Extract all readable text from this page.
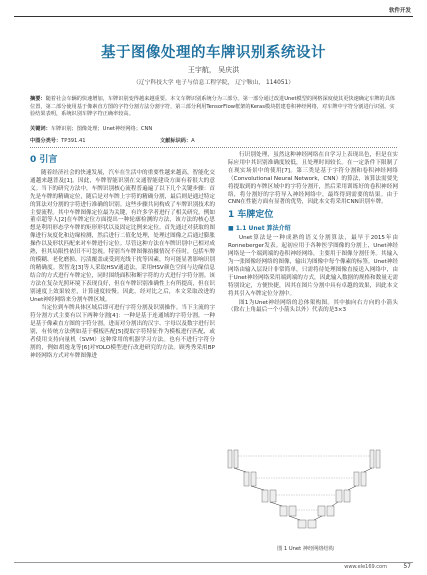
软件开发
基于图像处理的车牌识别系统设计
王宇航， 吴庆洪
（辽宁科技大学 电子与信息工程学院， 辽宁鞍山， 114051）
摘要：随着社会车辆的快速增加，车牌识别变得越来越重要。本文车牌识别系统分为三部分。第一部分通过改进Unet模型的网格深度使其更快速确定车牌的具体位置，第二部分使用基于像素直方图的字符分割方法分割字符，第三部分利用TensorFlow框架的Keras模块搭建卷积神经网络，对车牌中字符分割进行识别。实验结果表明，系统识别车牌字符正确率较高。
关键词：车牌识别；图像处理；Unet神经网络；CNN
中图分类号：TP391.41	文献标识码：A
0 引言

随着经济社会的快速发展，汽车在生活中的重要性越来越高，智能化交通越来越普及[1]。因此，车牌智能识别在交通智能建设方面有着很大的意义。当下的研究方法中，车牌识别核心流程普遍遍了以下几个关键步骤：首先是车牌的精确定位，随后是对车牌上字符的精确分割，最后则是通过特定的算法对分割的字符进行准确的识别。这些步骤共同构成了车牌识别技术的主要流程。其中车牌图像定位最为关键，有许多学者进行了相关研究。例如董卓超等人[2]在车牌定位方面提出一种轮廓检测的方法，该方法的核心思想是利用形态学车牌的矩形形状以及固定比例来定位。首先通过对获取的图像进行灰度化和边缘检测，然后进行二值化处理，处理过图像之后通过膨胀操作以及形状匹配来对车牌进行定位。尽管这种方法在车牌识别中已相对成熟，但其局限性依旧不可忽视。特别当车牌图像拍摄情况不佳时，包括车牌的模糊、老化磨损、污渍覆盖或受到光线干扰等因素，均可能显著影响识别的精确度。贺智龙[3]等人采取HSV通道法，采用HSV颜色空间与边缘信息结合的方式进行车牌定位，同时围绕面积和断字符的方式进行字符分割。该方法在复杂光照环境下表现良好，但在车牌识别准确性上有所提高，但在识别速度上效果较差，计算速度较慢。因此，经对比之后，本文采取改进的Unet神经网络来分割车牌区域。

当定位到车牌具体区域后即可进行字符分割及识别操作。当下主流的字符分割方式主要有以下两种分割[4]：一种是基于连通域的字符分割，一种是基于像素直方图的字符分割。进而对分割出的汉字、字母以及数字进行识别，有传统方法例如基于模板匹配[5]提取字符特征作为模板进行匹配，或者使用支持向量机（SVM）这种常用的机器学习方法。也有不进行字符分割的，例如胡逸龙等[6]对YOLO模型进行改进研究的方法。顾秀秀采用BP神经网络方式对车牌图像进

行识别处理，虽然这种神经网络在自学习上表现出色，但是在实际应用中其识别准确度较低，且处理时间较长。在一定条件下限制了在现实场景中的使用[7]。第三类是基于字符分割和卷积神经网络（Convolutional Neural Network，CNN）的算法，该算法需要先将提取到的车牌区域中的字符分割开，然后采用训练好的卷积神经网络，将分割好的字符导入神经网络中，最终得到需要的结果。由于CNN在性能方面有显著的优势，因此本文将采用CNN识别车牌。

1 车牌定位
■ 1.1 Unet 算法介绍

Unet算法是一种成熟的语义分割算法，最早于2015年由Ronneberger发表。起初应用于各种医学图像的分割上，Unet神经网络是一个端到端的卷积神经网络，主要用于图像分割任务。其输入为一张图像经网络的图像，输出为图像中每个像素的标签。Unet神经网络由输入层设计非常简单，只需将待处理图像直接送入网络中，由于Unet神经网络采用端到端的方式，因此输入数据的规格和数量无需特别设定，方便快捷，因其在图片分割中具有卓越的效果，因此本文将其引入车牌定位分割中。

图1为Unet神经网络的总体架构图。其中抽向右方向的小箭头（除右上角最后一个小箭头以外）代表的是3×3

图 1 Unet 神经网络结构
www.ele169.com	57
